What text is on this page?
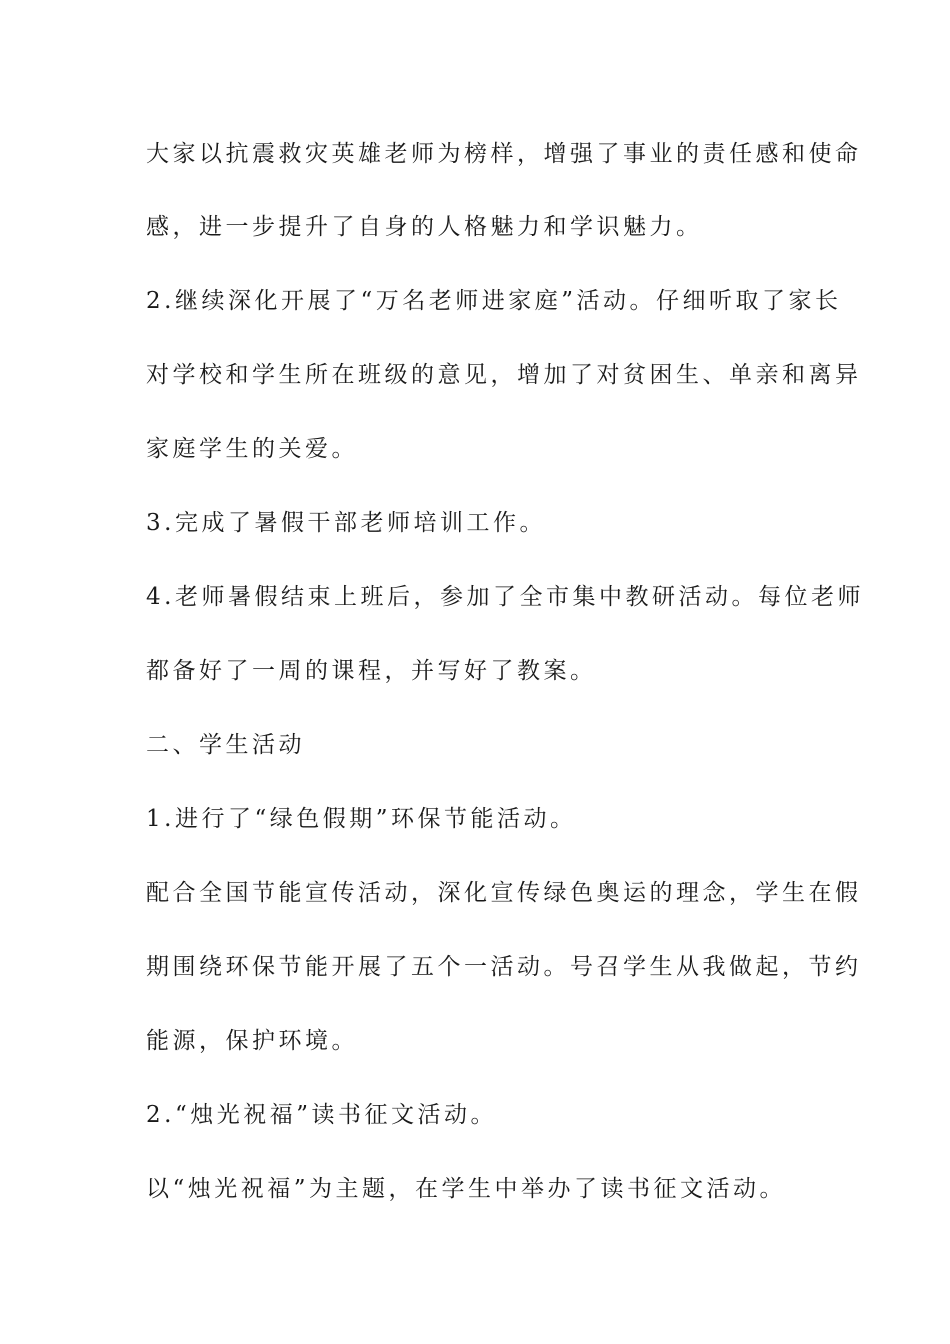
大家以抗震救灾英雄老师为榜样，增强了事业的责任感和使命
感，进一步提升了自身的人格魅力和学识魅力。
2.继续深化开展了“万名老师进家庭”活动。仔细听取了家长
对学校和学生所在班级的意见，增加了对贫困生、单亲和离异
家庭学生的关爱。
3.完成了暑假干部老师培训工作。
4.老师暑假结束上班后，参加了全市集中教研活动。每位老师
都备好了一周的课程，并写好了教案。
二、学生活动
1.进行了“绿色假期”环保节能活动。
配合全国节能宣传活动，深化宣传绿色奥运的理念，学生在假
期围绕环保节能开展了五个一活动。号召学生从我做起，节约
能源，保护环境。
2.“烛光祝福”读书征文活动。
以“烛光祝福”为主题，在学生中举办了读书征文活动。
